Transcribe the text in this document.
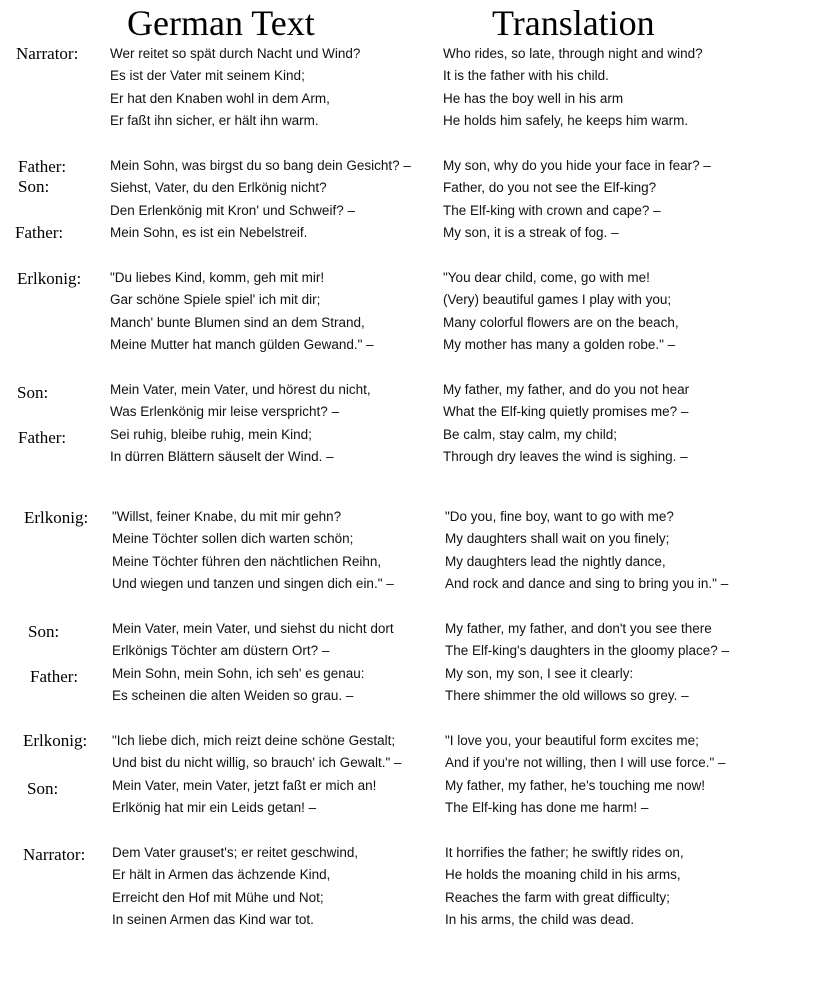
German Text	Translation
Wer reitet so spät durch Nacht und Wind?
Es ist der Vater mit seinem Kind;
Er hat den Knaben wohl in dem Arm,
Er faßt ihn sicher, er hält ihn warm.
Who rides, so late, through night and wind?
It is the father with his child.
He has the boy well in his arm
He holds him safely, he keeps him warm.
Mein Sohn, was birgst du so bang dein Gesicht? –
Siehst, Vater, du den Erlkönig nicht?
Den Erlenkönig mit Kron' und Schweif? –
Mein Sohn, es ist ein Nebelstreif.
My son, why do you hide your face in fear? –
Father, do you not see the Elf-king?
The Elf-king with crown and cape? –
My son, it is a streak of fog. –
"Du liebes Kind, komm, geh mit mir!
Gar schöne Spiele spiel' ich mit dir;
Manch' bunte Blumen sind an dem Strand,
Meine Mutter hat manch gülden Gewand." –
"You dear child, come, go with me!
(Very) beautiful games I play with you;
Many colorful flowers are on the beach,
My mother has many a golden robe." –
Mein Vater, mein Vater, und hörest du nicht,
Was Erlenkönig mir leise verspricht? –
Sei ruhig, bleibe ruhig, mein Kind;
In dürren Blättern säuselt der Wind. –
My father, my father, and do you not hear
What the Elf-king quietly promises me? –
Be calm, stay calm, my child;
Through dry leaves the wind is sighing. –
"Willst, feiner Knabe, du mit mir gehn?
Meine Töchter sollen dich warten schön;
Meine Töchter führen den nächtlichen Reihn,
Und wiegen und tanzen und singen dich ein." –
"Do you, fine boy, want to go with me?
My daughters shall wait on you finely;
My daughters lead the nightly dance,
And rock and dance and sing to bring you in." –
Mein Vater, mein Vater, und siehst du nicht dort
Erlkönigs Töchter am düstern Ort? –
Mein Sohn, mein Sohn, ich seh' es genau:
Es scheinen die alten Weiden so grau. –
My father, my father, and don't you see there
The Elf-king's daughters in the gloomy place? –
My son, my son, I see it clearly:
There shimmer the old willows so grey. –
"Ich liebe dich, mich reizt deine schöne Gestalt;
Und bist du nicht willig, so brauch' ich Gewalt." –
Mein Vater, mein Vater, jetzt faßt er mich an!
Erlkönig hat mir ein Leids getan! –
"I love you, your beautiful form excites me;
And if you're not willing, then I will use force." –
My father, my father, he's touching me now!
The Elf-king has done me harm! –
Dem Vater grauset's; er reitet geschwind,
Er hält in Armen das ächzende Kind,
Erreicht den Hof mit Mühe und Not;
In seinen Armen das Kind war tot.
It horrifies the father; he swiftly rides on,
He holds the moaning child in his arms,
Reaches the farm with great difficulty;
In his arms, the child was dead.
Narrator:
Father:
Son:
Father:
Erlkonig:
Son:
Father:
Erlkonig:
Son:
Father:
Erlkonig:
Son:
Narrator:
